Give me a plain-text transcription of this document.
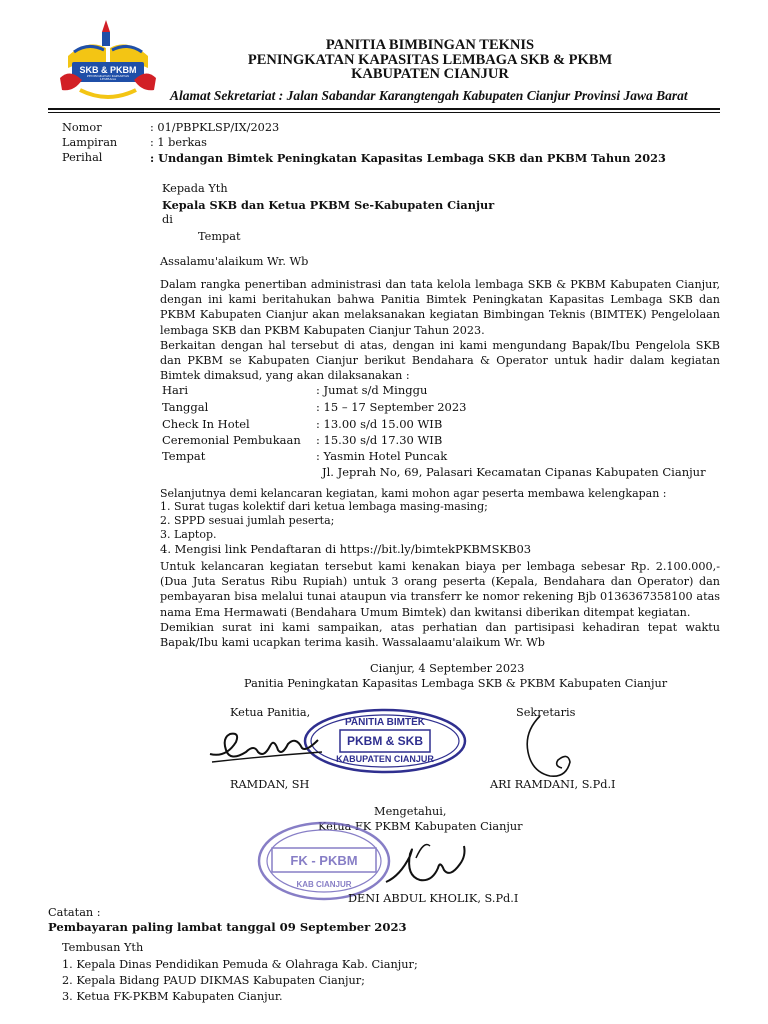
SKB & PKBM
PENINGKATAN KAPASITAS LEMBAGA
PANITIA BIMBINGAN TEKNIS
PENINGKATAN KAPASITAS LEMBAGA SKB & PKBM
KABUPATEN CIANJUR
Alamat Sekretariat : Jalan Sabandar Karangtengah Kabupaten Cianjur Provinsi Jawa Barat
Nomor	: 01/PBPKLSP/IX/2023
Lampiran	: 1 berkas
Perihal	: Undangan Bimtek Peningkatan Kapasitas Lembaga SKB dan PKBM Tahun 2023
Kepada Yth
Kepala SKB dan Ketua PKBM Se-Kabupaten Cianjur
di
Tempat
Assalamu'alaikum Wr. Wb
Dalam rangka penertiban administrasi dan tata kelola lembaga SKB & PKBM Kabupaten Cianjur, dengan ini kami beritahukan bahwa Panitia Bimtek Peningkatan Kapasitas Lembaga SKB dan PKBM Kabupaten Cianjur akan melaksanakan kegiatan Bimbingan Teknis (BIMTEK) Pengelolaan lembaga SKB dan PKBM Kabupaten Cianjur Tahun 2023.
Berkaitan dengan hal tersebut di atas, dengan ini kami mengundang Bapak/Ibu Pengelola SKB dan PKBM se Kabupaten Cianjur berikut Bendahara & Operator untuk hadir dalam kegiatan Bimtek dimaksud, yang akan dilaksanakan :
Hari	: Jumat s/d Minggu
Tanggal	: 15 – 17 September 2023
Check In Hotel	: 13.00 s/d 15.00 WIB
Ceremonial Pembukaan : 15.30 s/d 17.30 WIB
Tempat	: Yasmin Hotel Puncak
Jl. Jeprah No, 69, Palasari Kecamatan Cipanas Kabupaten Cianjur
Selanjutnya demi kelancaran kegiatan, kami mohon agar peserta membawa kelengkapan :
1. Surat tugas kolektif dari ketua lembaga masing-masing;
2. SPPD sesuai jumlah peserta;
3. Laptop.
4. Mengisi link Pendaftaran di https://bit.ly/bimtekPKBMSKB03
Untuk kelancaran kegiatan tersebut kami kenakan biaya per lembaga sebesar Rp. 2.100.000,- (Dua Juta Seratus Ribu Rupiah) untuk 3 orang peserta (Kepala, Bendahara dan Operator) dan pembayaran bisa melalui tunai ataupun via transferr ke nomor rekening Bjb 0136367358100 atas nama Ema Hermawati (Bendahara Umum Bimtek) dan kwitansi diberikan ditempat kegiatan.
Demikian surat ini kami sampaikan, atas perhatian dan partisipasi kehadiran tepat waktu Bapak/Ibu kami ucapkan terima kasih. Wassalaamu'alaikum Wr. Wb
Cianjur, 4 September 2023
Panitia Peningkatan Kapasitas Lembaga SKB & PKBM Kabupaten Cianjur
Ketua Panitia,	Sekretaris
PANITIA BIMTEK
PKBM & SKB
KABUPATEN CIANJUR
RAMDAN, SH	ARI RAMDANI, S.Pd.I
Mengetahui,
Ketua FK PKBM Kabupaten Cianjur
FK - PKBM
KAB CIANJUR
DENI ABDUL KHOLIK, S.Pd.I
Catatan :
Pembayaran paling lambat tanggal 09 September 2023
Tembusan Yth
1. Kepala Dinas Pendidikan Pemuda & Olahraga Kab. Cianjur;
2. Kepala Bidang PAUD DIKMAS Kabupaten Cianjur;
3. Ketua FK-PKBM Kabupaten Cianjur.
